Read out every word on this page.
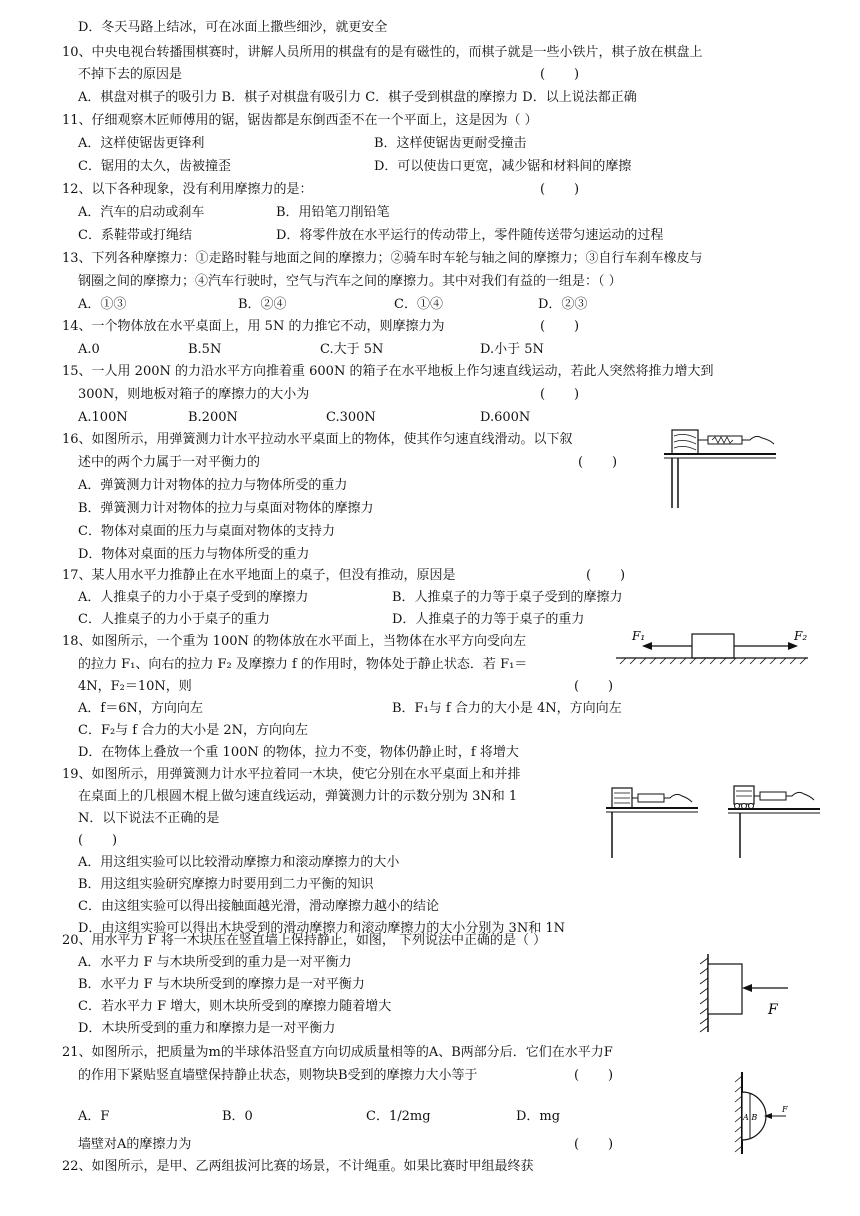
D．冬天马路上结冰，可在冰面上撒些细沙，就更安全
10、中央电视台转播围棋赛时，讲解人员所用的棋盘有的是有磁性的，而棋子就是一些小铁片，棋子放在棋盘上
不掉下去的原因是	(       )
A．棋盘对棋子的吸引力 B．棋子对棋盘有吸引力 C．棋子受到棋盘的摩擦力 D．以上说法都正确
11、仔细观察木匠师傅用的锯，锯齿都是东倒西歪不在一个平面上，这是因为（ ）
A．这样使锯齿更锋利	B．这样使锯齿更耐受撞击
C．锯用的太久，齿被撞歪	D．可以使齿口更宽，减少锯和材料间的摩擦
12、以下各种现象，没有利用摩擦力的是：	(       )
A．汽车的启动或刹车	B．用铅笔刀削铅笔
C．系鞋带或打绳结	D．将零件放在水平运行的传动带上，零件随传送带匀速运动的过程
13、下列各种摩擦力：①走路时鞋与地面之间的摩擦力；②骑车时车轮与轴之间的摩擦力；③自行车刹车橡皮与
钢圈之间的摩擦力；④汽车行驶时，空气与汽车之间的摩擦力。其中对我们有益的一组是：（ ）
A．①③	B．②④	C．①④	D．②③
14、一个物体放在水平桌面上，用 5N 的力推它不动，则摩擦力为	(       )
A.0	B.5N	C.大于 5N	D.小于 5N
15、一人用 200N 的力沿水平方向推着重 600N 的箱子在水平地板上作匀速直线运动，若此人突然将推力增大到
300N，则地板对箱子的摩擦力的大小为	(       )
A.100N	B.200N	C.300N	D.600N
16、如图所示，用弹簧测力计水平拉动水平桌面上的物体，使其作匀速直线滑动。以下叙
述中的两个力属于一对平衡力的	(       )
A．弹簧测力计对物体的拉力与物体所受的重力
B．弹簧测力计对物体的拉力与桌面对物体的摩擦力
C．物体对桌面的压力与桌面对物体的支持力
D．物体对桌面的压力与物体所受的重力
17、某人用水平力推静止在水平地面上的桌子，但没有推动，原因是	(       )
A．人推桌子的力小于桌子受到的摩擦力	B．人推桌子的力等于桌子受到的摩擦力
C．人推桌子的力小于桌子的重力	D．人推桌子的力等于桌子的重力
18、如图所示，一个重为 100N 的物体放在水平面上，当物体在水平方向受向左
的拉力 F₁、向右的拉力 F₂ 及摩擦力 f 的作用时，物体处于静止状态．若 F₁＝
4N，F₂＝10N，则	(       )
A．f＝6N，方向向左	B．F₁与 f 合力的大小是 4N，方向向左
C．F₂与 f 合力的大小是 2N，方向向左
D．在物体上叠放一个重 100N 的物体，拉力不变，物体仍静止时，f 将增大
F₁	F₂
19、如图所示，用弹簧测力计水平拉着同一木块，使它分别在水平桌面上和并排
在桌面上的几根圆木棍上做匀速直线运动，弹簧测力计的示数分别为 3N和 1
N．以下说法不正确的是
(       )
A．用这组实验可以比较滑动摩擦力和滚动摩擦力的大小
B．用这组实验研究摩擦力时要用到二力平衡的知识
C．由这组实验可以得出接触面越光滑，滑动摩擦力越小的结论
D．由这组实验可以得出木块受到的滑动摩擦力和滚动摩擦力的大小分别为 3N和 1N
20、用水平力 F 将一木块压在竖直墙上保持静止，如图， 下列说法中正确的是（ ）
A．水平力 F 与木块所受到的重力是一对平衡力
B．水平力 F 与木块所受到的摩擦力是一对平衡力
C．若水平力 F 增大，则木块所受到的摩擦力随着增大
D．木块所受到的重力和摩擦力是一对平衡力
F
21、如图所示，把质量为m的半球体沿竖直方向切成质量相等的A、B两部分后．它们在水平力F
的作用下紧贴竖直墙壁保持静止状态，则物块B受到的摩擦力大小等于	(       )
A．F	B．0	C．1/2mg	D．mg
墙壁对A的摩擦力为	(       )
A B
F
22、如图所示，是甲、乙两组拔河比赛的场景，不计绳重。如果比赛时甲组最终获
